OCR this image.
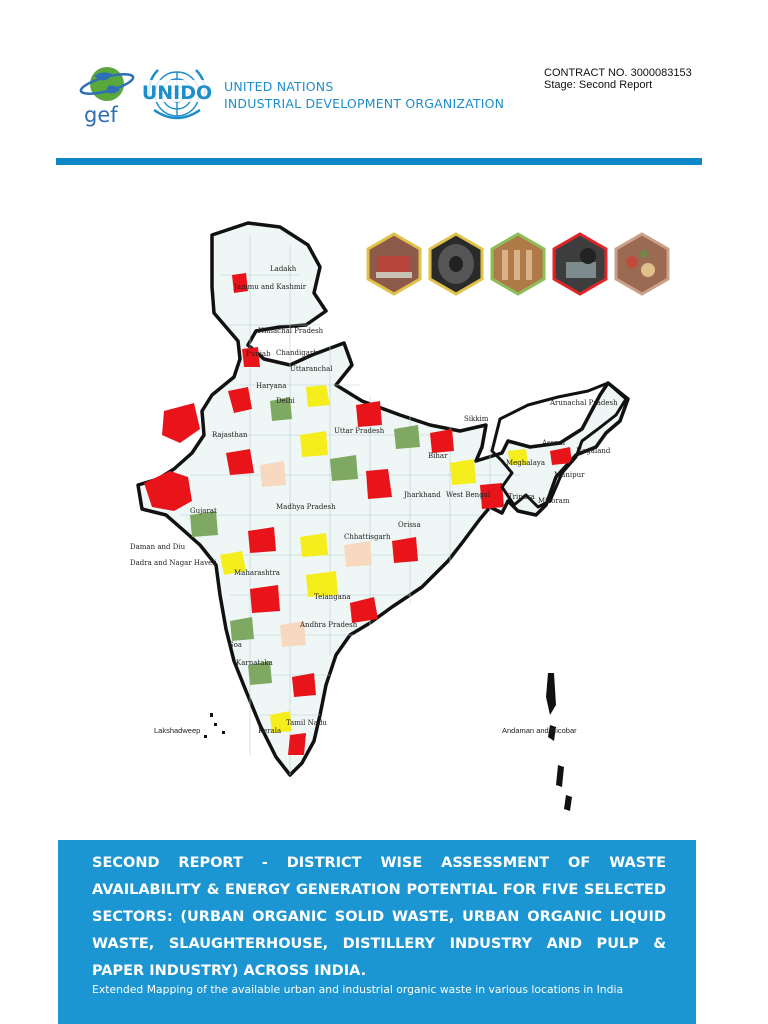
gef
UNIDO UNITED NATIONS
INDUSTRIAL DEVELOPMENT ORGANIZATION
CONTRACT NO. 3000083153
Stage: Second Report
Ladakh
Jammu and Kashmir
Himachal Pradesh
Punjab Chandigarh
Uttaranchal
Haryana
Delhi
Rajasthan	Uttar Pradesh
Sikkim
Arunachal Pradesh
Assam
Nagaland
Meghalaya
Manipur
Tripura Mizoram
Bihar
Jharkhand West Bengal
Gujarat	Madhya Pradesh
Chhattisgarh
Orissa
Daman and Diu
Dadra and Nagar Haveli
Maharashtra
Telangana
Andhra Pradesh
Goa
Karnataka
Tamil Nadu
Kerala
Lakshadweep	Andaman and Nicobar
SECOND REPORT - DISTRICT WISE ASSESSMENT OF WASTE AVAILABILITY & ENERGY GENERATION POTENTIAL FOR FIVE SELECTED SECTORS: (URBAN ORGANIC SOLID WASTE, URBAN ORGANIC LIQUID WASTE, SLAUGHTERHOUSE, DISTILLERY INDUSTRY AND PULP & PAPER INDUSTRY) ACROSS INDIA.
Extended Mapping of the available urban and industrial organic waste in various locations in India
